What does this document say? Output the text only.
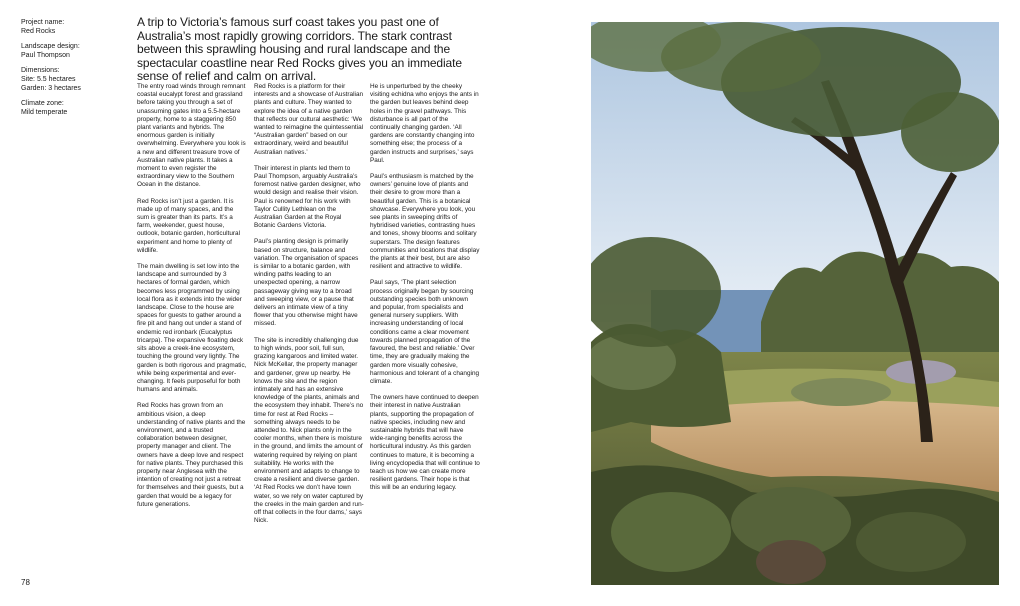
Project name:

Red Rocks

Landscape design:

Paul Thompson

Dimensions:

Site: 5.5 hectares

Garden: 3 hectares

Climate zone:

Mild temperate

A trip to Victoria’s famous surf coast takes you past one of Australia’s most rapidly growing corridors. The stark contrast between this sprawling housing and rural landscape and the spectacular coastline near Red Rocks gives you an immediate sense of relief and calm on arrival.

The entry road winds through remnant coastal eucalypt forest and grassland before taking you through a set of unassuming gates into a 5.5-hectare property, home to a staggering 850 plant variants and hybrids. The enormous garden is initially overwhelming. Everywhere you look is a new and different treasure trove of Australian native plants. It takes a moment to even register the extraordinary view to the Southern Ocean in the distance.

Red Rocks isn’t just a garden. It is made up of many spaces, and the sum is greater than its parts. It’s a farm, weekender, guest house, outlook, botanic garden, horticultural experiment and home to plenty of wildlife.

The main dwelling is set low into the landscape and surrounded by 3 hectares of formal garden, which becomes less programmed by using local flora as it extends into the wider landscape. Close to the house are spaces for guests to gather around a fire pit and hang out under a stand of endemic red ironbark (Eucalyptus tricarpa). The expansive floating deck sits above a creek-line ecosystem, touching the ground very lightly. The garden is both rigorous and pragmatic, while being experimental and ever-changing. It feels purposeful for both humans and animals.

Red Rocks has grown from an ambitious vision, a deep understanding of native plants and the environment, and a trusted collaboration between designer, property manager and client. The owners have a deep love and respect for native plants. They purchased this property near Anglesea with the intention of creating not just a retreat for themselves and their guests, but a garden that would be a legacy for future generations.

Red Rocks is a platform for their interests and a showcase of Australian plants and culture. They wanted to explore the idea of a native garden that reflects our cultural aesthetic: ‘We wanted to reimagine the quintessential “Australian garden” based on our extraordinary, weird and beautiful Australian natives.’

Their interest in plants led them to Paul Thompson, arguably Australia’s foremost native garden designer, who would design and realise their vision. Paul is renowned for his work with Taylor Cullity Lethlean on the Australian Garden at the Royal Botanic Gardens Victoria.

Paul’s planting design is primarily based on structure, balance and variation. The organisation of spaces is similar to a botanic garden, with winding paths leading to an unexpected opening, a narrow passageway giving way to a broad and sweeping view, or a pause that delivers an intimate view of a tiny flower that you otherwise might have missed.

The site is incredibly challenging due to high winds, poor soil, full sun, grazing kangaroos and limited water. Nick McKellar, the property manager and gardener, grew up nearby. He knows the site and the region intimately and has an extensive knowledge of the plants, animals and the ecosystem they inhabit. There’s no time for rest at Red Rocks – something always needs to be attended to. Nick plants only in the cooler months, when there is moisture in the ground, and limits the amount of watering required by relying on plant suitability. He works with the environment and adapts to change to create a resilient and diverse garden. ‘At Red Rocks we don’t have town water, so we rely on water captured by the creeks in the main garden and run-off that collects in the four dams,’ says Nick.

He is unperturbed by the cheeky visiting echidna who enjoys the ants in the garden but leaves behind deep holes in the gravel pathways. This disturbance is all part of the continually changing garden. ‘All gardens are constantly changing into something else; the process of a garden instructs and surprises,’ says Paul.

Paul’s enthusiasm is matched by the owners’ genuine love of plants and their desire to grow more than a beautiful garden. This is a botanical showcase. Everywhere you look, you see plants in sweeping drifts of hybridised varieties, contrasting hues and tones, showy blooms and solitary superstars. The design features communities and locations that display the plants at their best, but are also resilient and attractive to wildlife.

Paul says, ‘The plant selection process originally began by sourcing outstanding species both unknown and popular, from specialists and general nursery suppliers. With increasing understanding of local conditions came a clear movement towards planned propagation of the favoured, the best and reliable.’ Over time, they are gradually making the garden more visually cohesive, harmonious and tolerant of a changing climate.

The owners have continued to deepen their interest in native Australian plants, supporting the propagation of native species, including new and sustainable hybrids that will have wide-ranging benefits across the horticultural industry. As this garden continues to mature, it is becoming a living encyclopedia that will continue to teach us how we can create more resilient gardens. Their hope is that this will be an enduring legacy.

78
